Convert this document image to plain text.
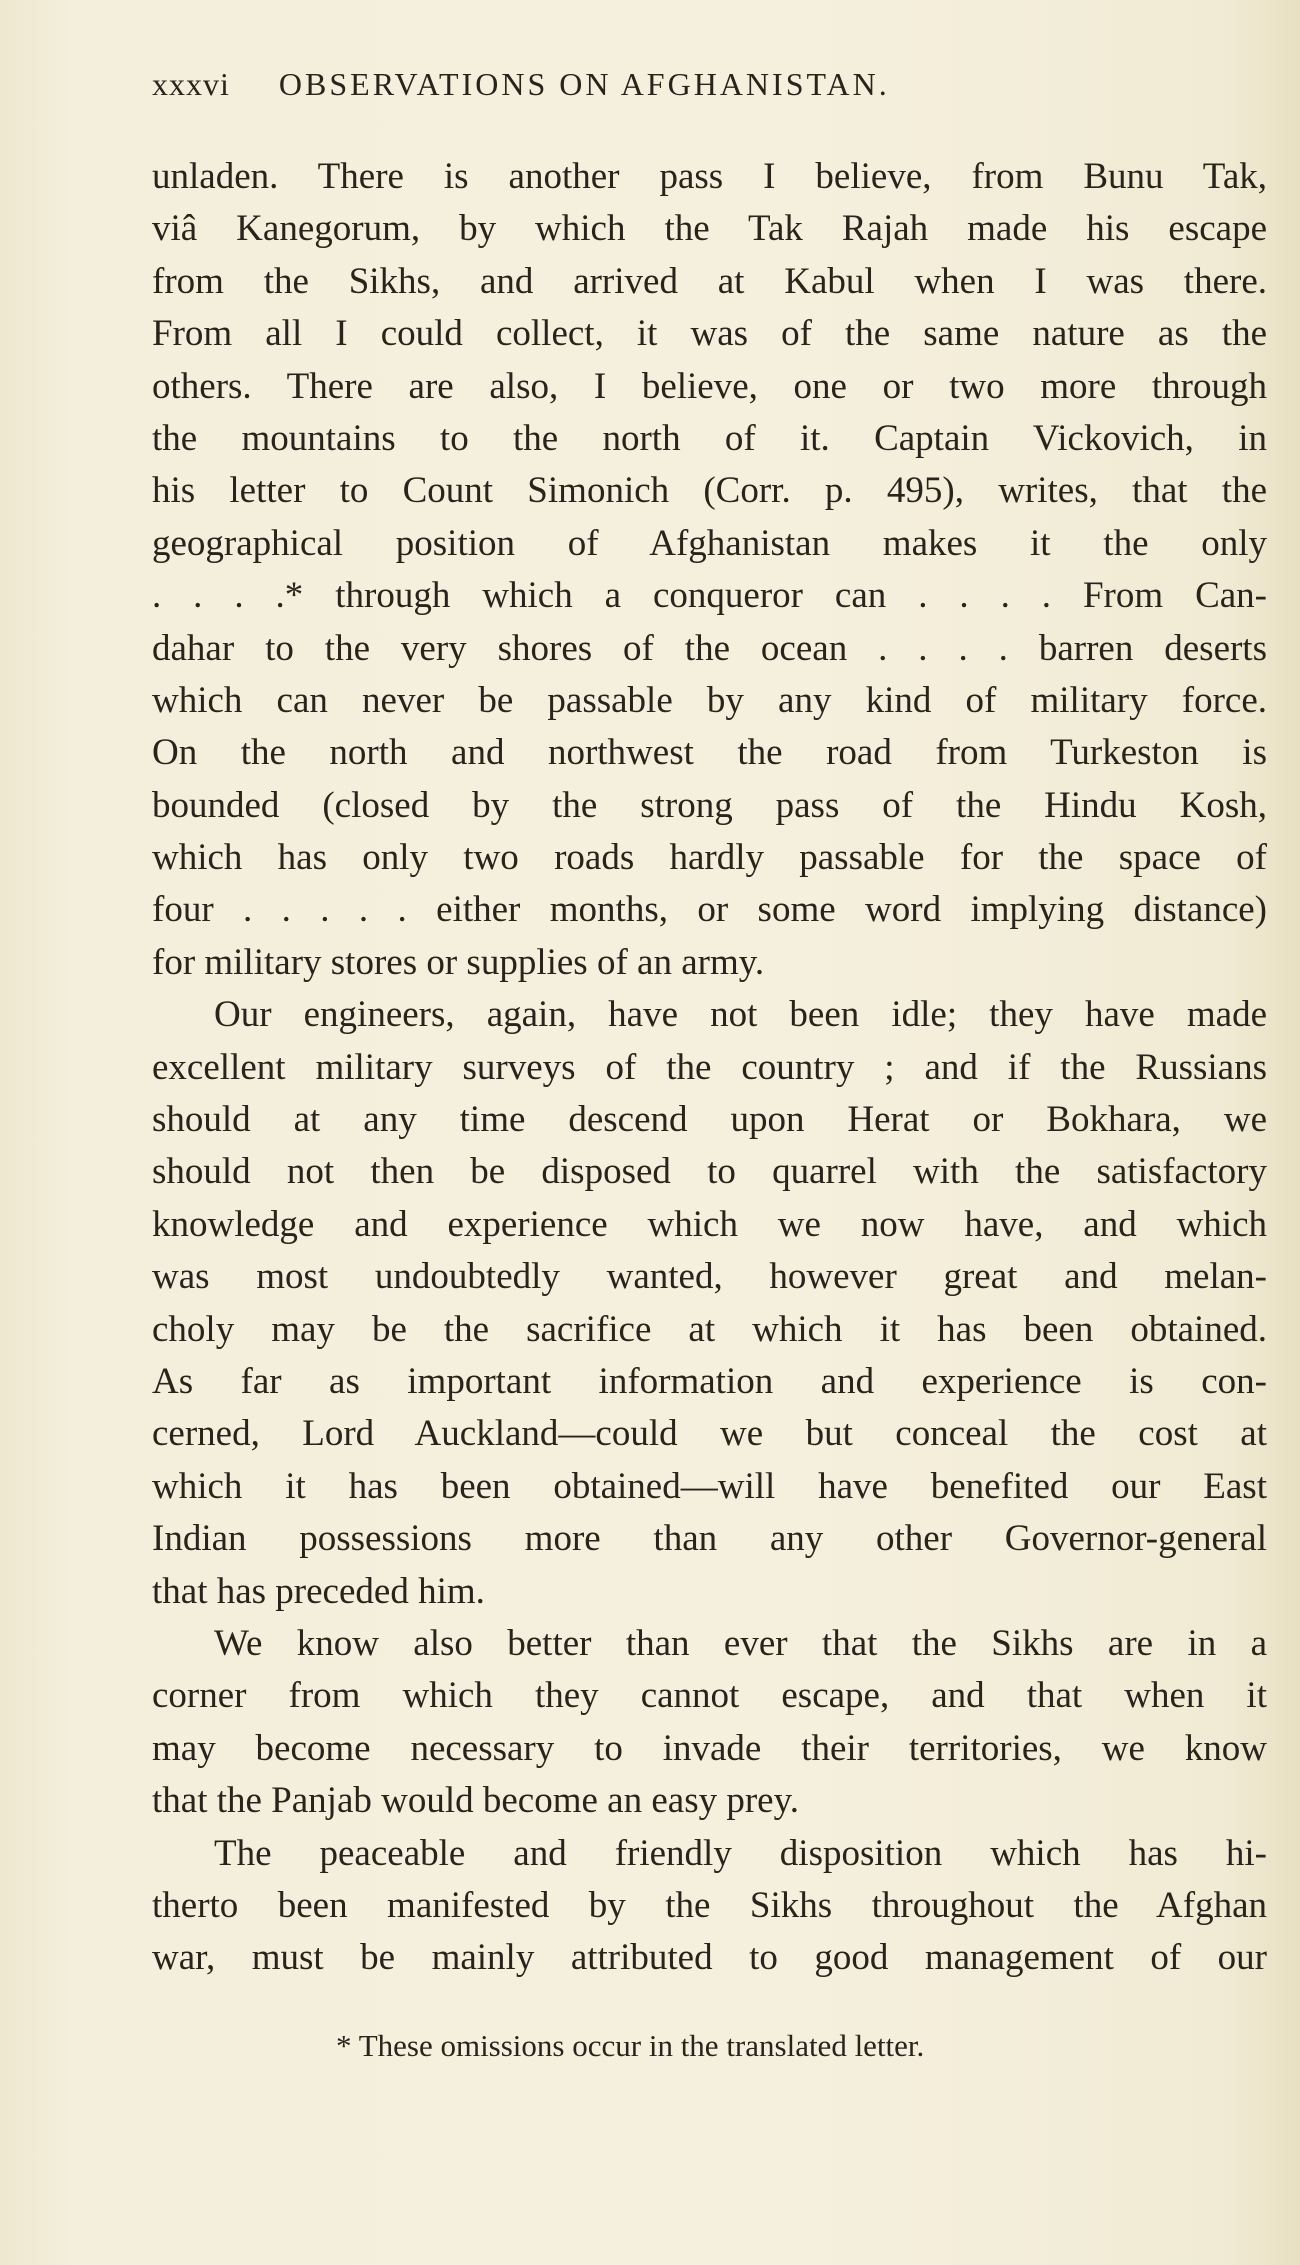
xxxvi OBSERVATIONS ON AFGHANISTAN.
unladen. There is another pass I believe, from Bunu Tak,
viâ Kanegorum, by which the Tak Rajah made his escape
from the Sikhs, and arrived at Kabul when I was there.
From all I could collect, it was of the same nature as the
others. There are also, I believe, one or two more through
the mountains to the north of it. Captain Vickovich, in
his letter to Count Simonich (Corr. p. 495), writes, that the
geographical position of Afghanistan makes it the only
. . . .* through which a conqueror can . . . . From Can-
dahar to the very shores of the ocean . . . . barren deserts
which can never be passable by any kind of military force.
On the north and northwest the road from Turkeston is
bounded (closed by the strong pass of the Hindu Kosh,
which has only two roads hardly passable for the space of
four . . . . . either months, or some word implying distance)
for military stores or supplies of an army.
Our engineers, again, have not been idle; they have made
excellent military surveys of the country ; and if the Russians
should at any time descend upon Herat or Bokhara, we
should not then be disposed to quarrel with the satisfactory
knowledge and experience which we now have, and which
was most undoubtedly wanted, however great and melan-
choly may be the sacrifice at which it has been obtained.
As far as important information and experience is con-
cerned, Lord Auckland—could we but conceal the cost at
which it has been obtained—will have benefited our East
Indian possessions more than any other Governor-general
that has preceded him.
We know also better than ever that the Sikhs are in a
corner from which they cannot escape, and that when it
may become necessary to invade their territories, we know
that the Panjab would become an easy prey.
The peaceable and friendly disposition which has hi-
therto been manifested by the Sikhs throughout the Afghan
war, must be mainly attributed to good management of our
* These omissions occur in the translated letter.
